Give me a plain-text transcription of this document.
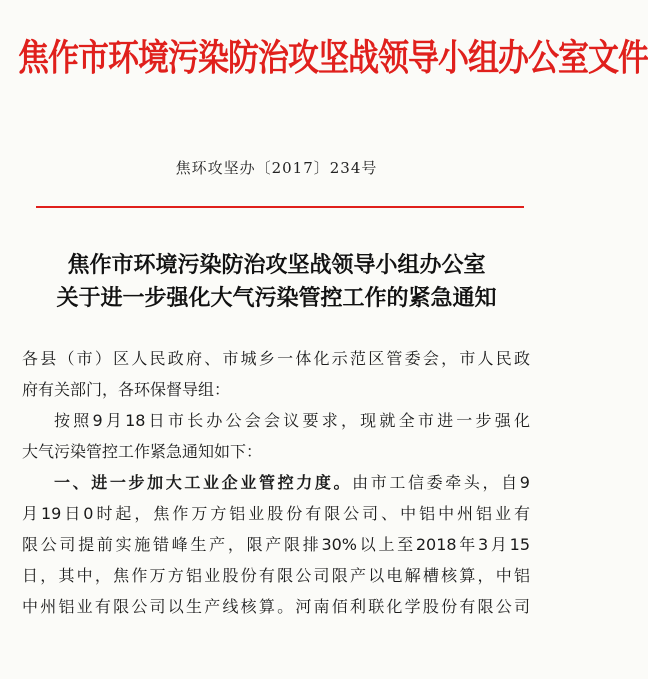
焦作市环境污染防治攻坚战领导小组办公室文件
焦环攻坚办〔2017〕234号
焦作市环境污染防治攻坚战领导小组办公室
关于进一步强化大气污染管控工作的紧急通知
各县（市）区人民政府、市城乡一体化示范区管委会，市人民政
府有关部门，各环保督导组：
按照9月18日市长办公会会议要求，现就全市进一步强化
大气污染管控工作紧急通知如下：
一、进一步加大工业企业管控力度。由市工信委牵头，自9
月19日0时起，焦作万方铝业股份有限公司、中铝中州铝业有
限公司提前实施错峰生产，限产限排30%以上至2018年3月15
日，其中，焦作万方铝业股份有限公司限产以电解槽核算，中铝
中州铝业有限公司以生产线核算。河南佰利联化学股份有限公司
